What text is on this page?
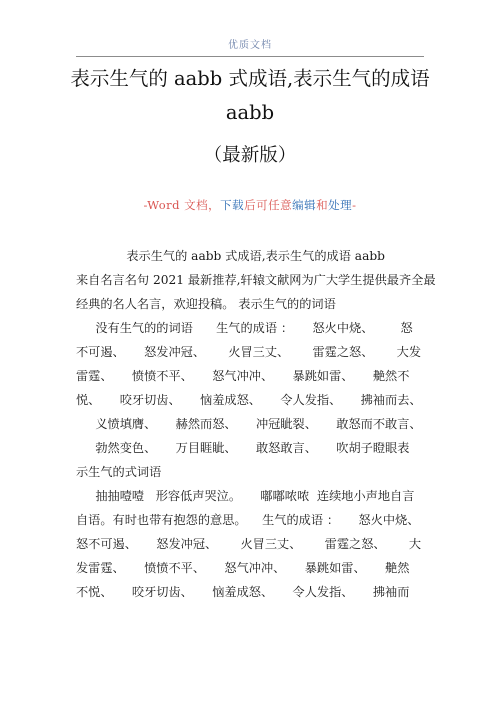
优质文档
表示生气的 aabb 式成语,表示生气的成语
aabb
（最新版）
-Word 文档，下载后可任意编辑和处理-
表示生气的 aabb 式成语,表示生气的成语 aabb
来自名言名句 2021 最新推荐,轩辕文献网为广大学生提供最齐全最
经典的名人名言，欢迎投稿。 表示生气的的词语
没有生气的的词语      生气的成语 ：     怒火中烧、       怒
不可遏、     怒发冲冠、      火冒三丈、      雷霆之怒、      大发
雷霆、     愤愤不平、     怒气冲冲、     暴跳如雷、     艴然不
悦、     咬牙切齿、     恼羞成怒、     令人发指、     拂袖而去、
义愤填膺、     赫然而怒、     冲冠眦裂、     敢怒而不敢言、
勃然变色、     万目睚眦、     敢怒敢言、     吹胡子瞪眼表
示生气的式词语
抽抽噎噎   形容低声哭泣。     嘟嘟哝哝  连续地小声地自言
自语。有时也带有抱怨的意思。    生气的成语 ：     怒火中烧、
怒不可遏、     怒发冲冠、      火冒三丈、      雷霆之怒、      大
发雷霆、     愤愤不平、     怒气冲冲、     暴跳如雷、     艴然
不悦、     咬牙切齿、     恼羞成怒、     令人发指、     拂袖而
